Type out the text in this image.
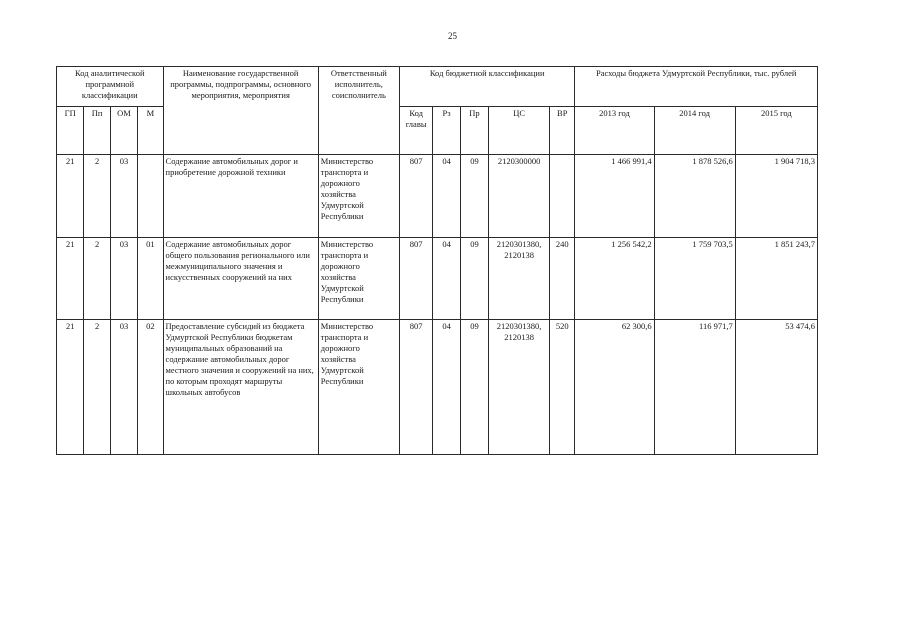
25
Код аналитической программной классификации				Наименование государственной программы, подпрограммы, основного мероприятия, мероприятия	Ответственный исполнитель, соисполнитель	Код бюджетной классификации					Расходы бюджета Удмуртской Республики, тыс. рублей		
ГП	Пп	ОМ	М			Код главы	Рз	Пр	ЦС	ВР	2013 год	2014 год	2015 год
21	2	03		Содержание автомобильных дорог и приобретение дорожной техники	Министерство транспорта и дорожного хозяйства Удмуртской Республики	807	04	09	2120300000		1 466 991,4	1 878 526,6	1 904 718,3
21	2	03	01	Содержание автомобильных дорог общего пользования регионального или межмуниципального значения и искусственных сооружений на них	Министерство транспорта и дорожного хозяйства Удмуртской Республики	807	04	09	2120301380, 2120138	240	1 256 542,2	1 759 703,5	1 851 243,7
21	2	03	02	Предоставление субсидий из бюджета Удмуртской Республики бюджетам муниципальных образований на содержание автомобильных дорог местного значения и сооружений на них, по которым проходят маршруты школьных автобусов	Министерство транспорта и дорожного хозяйства Удмуртской Республики	807	04	09	2120301380, 2120138	520	62 300,6	116 971,7	53 474,6
